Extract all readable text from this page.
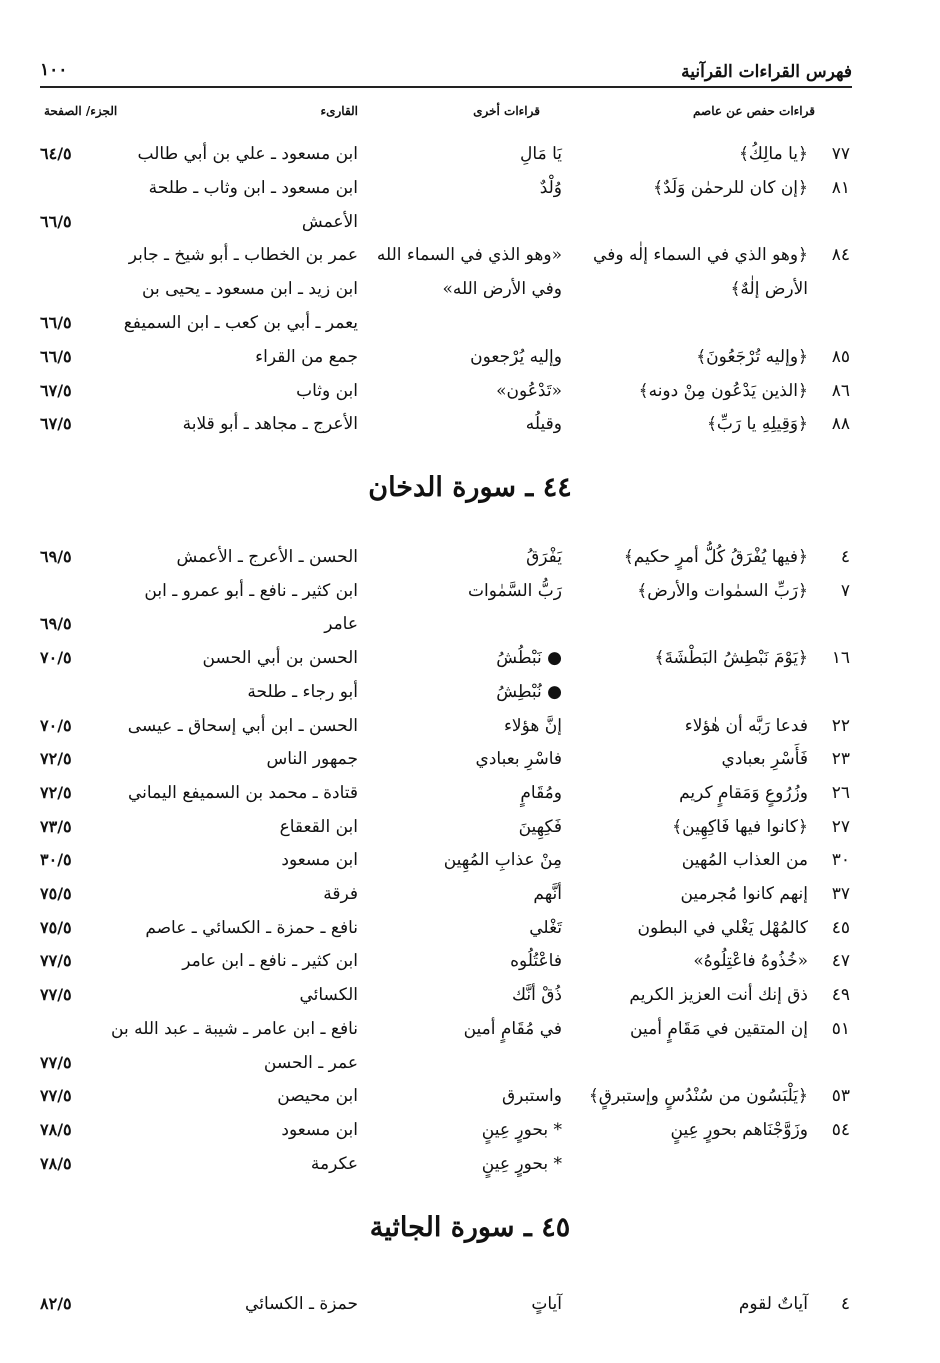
فهرس القراءات القرآنية
١٠٠
قراءات حفص عن عاصم
قراءات أخرى
القارىء
الجزء/ الصفحة
٧٧
﴿يا مالِكُ﴾
يَا مَالِ
ابن مسعود ـ علي بن أبي طالب
٦٤/٥
٨١
﴿إن كان للرحمٰن وَلَدٌ﴾
وُلْدٌ
ابن مسعود ـ ابن وثاب ـ طلحة
الأعمش
٦٦/٥
٨٤
﴿وهو الذي في السماء إلٰه وفي
«وهو الذي في السماء الله
عمر بن الخطاب ـ أبو شيخ ـ جابر
الأرض إلٰهٌ﴾
وفي الأرض الله»
ابن زيد ـ ابن مسعود ـ يحيى بن
يعمر ـ أبي بن كعب ـ ابن السميفع
٦٦/٥
٨٥
﴿وإليه تُرْجَعُونَ﴾
وإليه يُرْجعون
جمع من القراء
٦٦/٥
٨٦
﴿الذين يَدْعُون مِنْ دونه﴾
«تَدْعُون»
ابن وثاب
٦٧/٥
٨٨
﴿وَقِيلِهِ يا رَبِّ﴾
وقيلُه
الأعرج ـ مجاهد ـ أبو قلابة
٦٧/٥
٤٤ ـ سورة الدخان
٤
﴿فيها يُفْرَقُ كُلُّ أمرٍ حكيم﴾
يَفْرَقُ
الحسن ـ الأعرج ـ الأعمش
٦٩/٥
٧
﴿رَبِّ السمٰوات والأرض﴾
رَبُّ السَّمٰوات
ابن كثير ـ نافع ـ أبو عمرو ـ ابن
عامر
٦٩/٥
١٦
﴿يَوْمَ نَبْطِشُ البَطْشَةَ﴾
● نَبْطُشُ
الحسن بن أبي الحسن
٧٠/٥
● نُبْطِشُ
أبو رجاء ـ طلحة
٢٢
فدعا رَبَّه أن هٰؤلاء
إنَّ هؤلاء
الحسن ـ ابن أبي إسحاق ـ عيسى
٧٠/٥
٢٣
فَأَسْرِ بعبادي
فاسْرِ بعبادي
جمهور الناس
٧٢/٥
٢٦
وزُرُوعٍ وَمَقامٍ كريم
ومُقَامٍ
قتادة ـ محمد بن السميفع اليماني
٧٢/٥
٢٧
﴿كانوا فيها فَاكِهِين﴾
فَكِهِينَ
ابن القعقاع
٧٣/٥
٣٠
من العذاب المُهين
مِنْ عذابِ المُهِين
ابن مسعود
٣٠/٥
٣٧
إنهم كانوا مُجرمين
أنَّهم
فرقة
٧٥/٥
٤٥
كالمُهْل يَغْلي في البطون
تَغْلي
نافع ـ حمزة ـ الكسائي ـ عاصم
٧٥/٥
٤٧
«خُذُوهُ فاعْتِلُوهُ»
فاعْتُلُوه
ابن كثير ـ نافع ـ ابن عامر
٧٧/٥
٤٩
ذق إنك أنت العزيز الكريم
ذُقْ أنَّك
الكسائي
٧٧/٥
٥١
إن المتقين في مَقَامٍ أمين
في مُقَامٍ أمين
نافع ـ ابن عامر ـ شيبة ـ عبد الله بن
عمر ـ الحسن
٧٧/٥
٥٣
﴿يَلْبَسُون من سُنْدُسٍ وإستبرقٍ﴾
واستبرق
ابن محيصن
٧٧/٥
٥٤
وزَوَّجْنَاهم بحورٍ عِينٍ
* بحورٍ عِينٍ
ابن مسعود
٧٨/٥
* بحورٍ عِينٍ
عكرمة
٧٨/٥
٤٥ ـ سورة الجاثية
٤
آياتٌ لقوم
آياتٍ
حمزة ـ الكسائي
٨٢/٥
